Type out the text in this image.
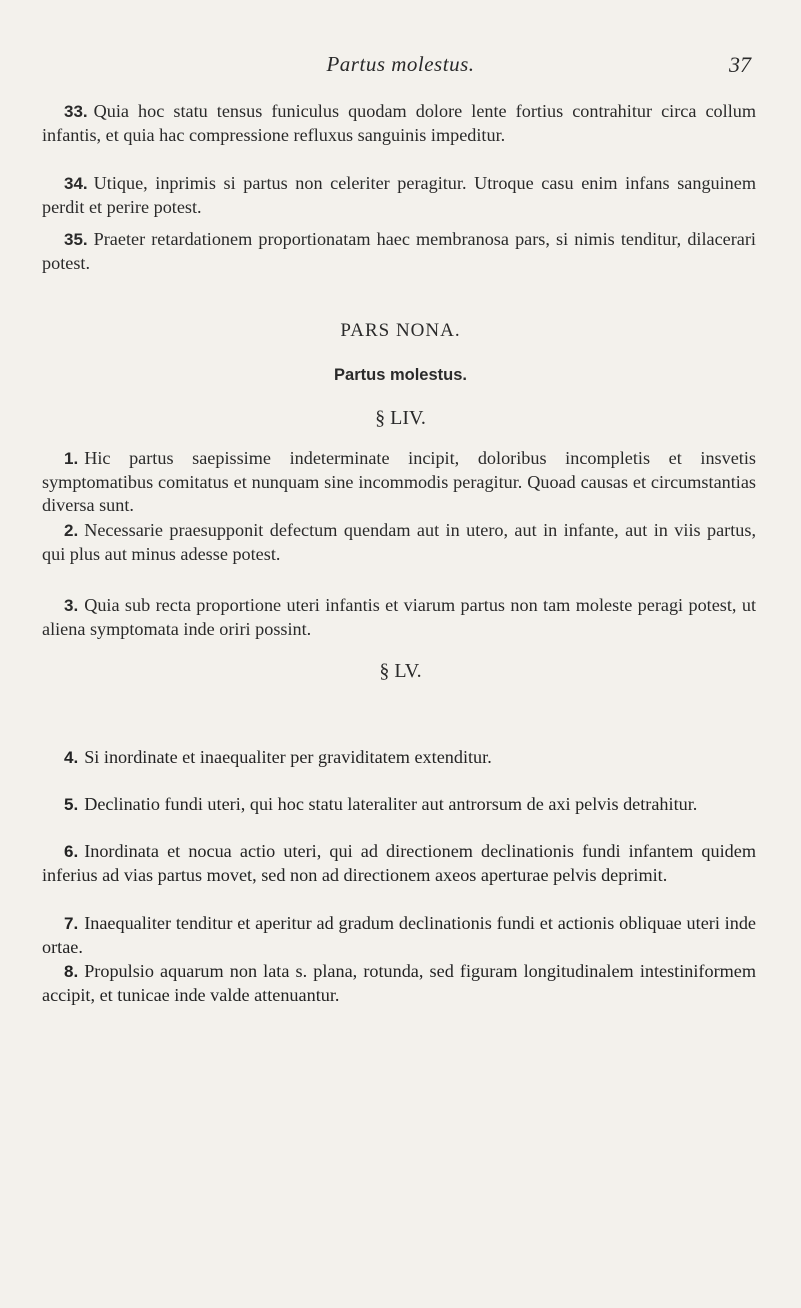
Partus molestus.	37
33. Quia hoc statu tensus funiculus quodam dolore lente fortius contrahitur circa collum infantis, et quia hac compressione refluxus sanguinis impeditur.
34. Utique, inprimis si partus non celeriter peragitur. Utroque casu enim infans sanguinem perdit et perire potest.
35. Praeter retardationem proportionatam haec membranosa pars, si nimis tenditur, dilacerari potest.
PARS NONA.
Partus molestus.
§ LIV.
1. Hic partus saepissime indeterminate incipit, doloribus incompletis et insvetis symptomatibus comitatus et nunquam sine incommodis peragitur. Quoad causas et circumstantias diversa sunt.
2. Necessarie praesupponit defectum quendam aut in utero, aut in infante, aut in viis partus, qui plus aut minus adesse potest.
3. Quia sub recta proportione uteri infantis et viarum partus non tam moleste peragi potest, ut aliena symptomata inde oriri possint.
§ LV.
4. Si inordinate et inaequaliter per graviditatem extenditur.
5. Declinatio fundi uteri, qui hoc statu lateraliter aut antrorsum de axi pelvis detrahitur.
6. Inordinata et nocua actio uteri, qui ad directionem declinationis fundi infantem quidem inferius ad vias partus movet, sed non ad directionem axeos aperturae pelvis deprimit.
7. Inaequaliter tenditur et aperitur ad gradum declinationis fundi et actionis obliquae uteri inde ortae.
8. Propulsio aquarum non lata s. plana, rotunda, sed figuram longitudinalem intestiniformem accipit, et tunicae inde valde attenuantur.
